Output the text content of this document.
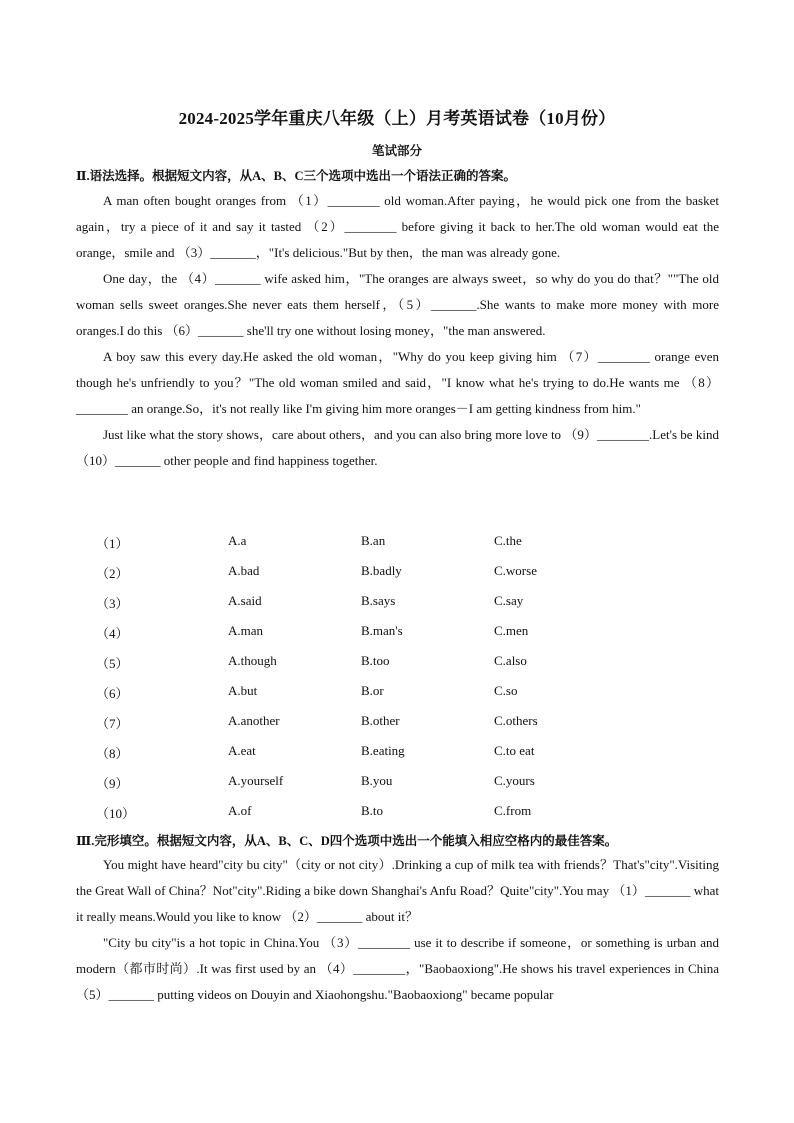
2024-2025学年重庆八年级（上）月考英语试卷（10月份）
笔试部分
Ⅱ.语法选择。根据短文内容，从A、B、C三个选项中选出一个语法正确的答案。

A man often bought oranges from （1）________ old woman.After paying，he would pick one from the basket again，try a piece of it and say it tasted （2）________ before giving it back to her.The old woman would eat the orange，smile and （3）_______，"It's delicious."But by then，the man was already gone.

One day，the （4）_______ wife asked him，"The oranges are always sweet，so why do you do that？""The old woman sells sweet oranges.She never eats them herself，（5）_______.She wants to make more money with more oranges.I do this （6）_______ she'll try one without losing money，"the man answered.

A boy saw this every day.He asked the old woman，"Why do you keep giving him （7）________ orange even though he's unfriendly to you？"The old woman smiled and said，"I know what he's trying to do.He wants me （8）________ an orange.So，it's not really like I'm giving him more oranges－I am getting kindness from him."

Just like what the story shows，care about others，and you can also bring more love to （9）________.Let's be kind （10）_______ other people and find happiness together.

（1）	A.a	B.an	C.the
（2）	A.bad	B.badly	C.worse
（3）	A.said	B.says	C.say
（4）	A.man	B.man's	C.men
（5）	A.though	B.too	C.also
（6）	A.but	B.or	C.so
（7）	A.another	B.other	C.others
（8）	A.eat	B.eating	C.to eat
（9）	A.yourself	B.you	C.yours
（10）	A.of	B.to	C.from
Ⅲ.完形填空。根据短文内容，从A、B、C、D四个选项中选出一个能填入相应空格内的最佳答案。

You might have heard"city bu city"（city or not city）.Drinking a cup of milk tea with friends？That's"city".Visiting the Great Wall of China？Not"city".Riding a bike down Shanghai's Anfu Road？Quite"city".You may （1）_______ what it really means.Would you like to know （2）_______ about it？

"City bu city"is a hot topic in China.You （3）________ use it to describe if someone，or something is urban and modern（都市时尚）.It was first used by an （4）________，"Baobaoxiong".He shows his travel experiences in China （5）_______ putting videos on Douyin and Xiaohongshu."Baobaoxiong" became popular
